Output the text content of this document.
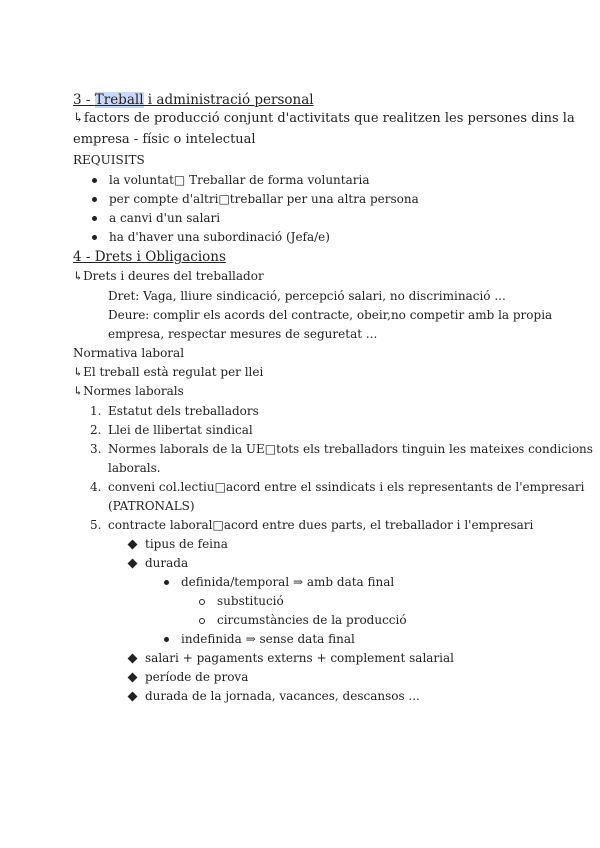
3 - Treball i administració personal
↳factors de producció conjunt d'activitats que realitzen les persones dins la
empresa - físic o intelectual
REQUISITS
la voluntat□ Treballar de forma voluntaria
per compte d'altri□treballar per una altra persona
a canvi d'un salari
ha d'haver una subordinació (Jefa/e)
4 - Drets i Obligacions
↳Drets i deures del treballador
Dret: Vaga, lliure sindicació, percepció salari, no discriminació ...
Deure: complir els acords del contracte, obeir,no competir amb la propia
empresa, respectar mesures de seguretat ...
Normativa laboral
↳El treball està regulat per llei
↳Normes laborals
1. Estatut dels treballadors
2. Llei de llibertat sindical
3. Normes laborals de la UE□tots els treballadors tinguin les mateixes condicions
laborals.
4. conveni col.lectiu□acord entre el ssindicats i els representants de l'empresari
(PATRONALS)
5. contracte laboral□acord entre dues parts, el treballador i l'empresari
tipus de feina
durada
definida/temporal ⇒ amb data final
substitució
circumstàncies de la producció
indefinida ⇒ sense data final
salari + pagaments externs + complement salarial
període de prova
durada de la jornada, vacances, descansos ...
